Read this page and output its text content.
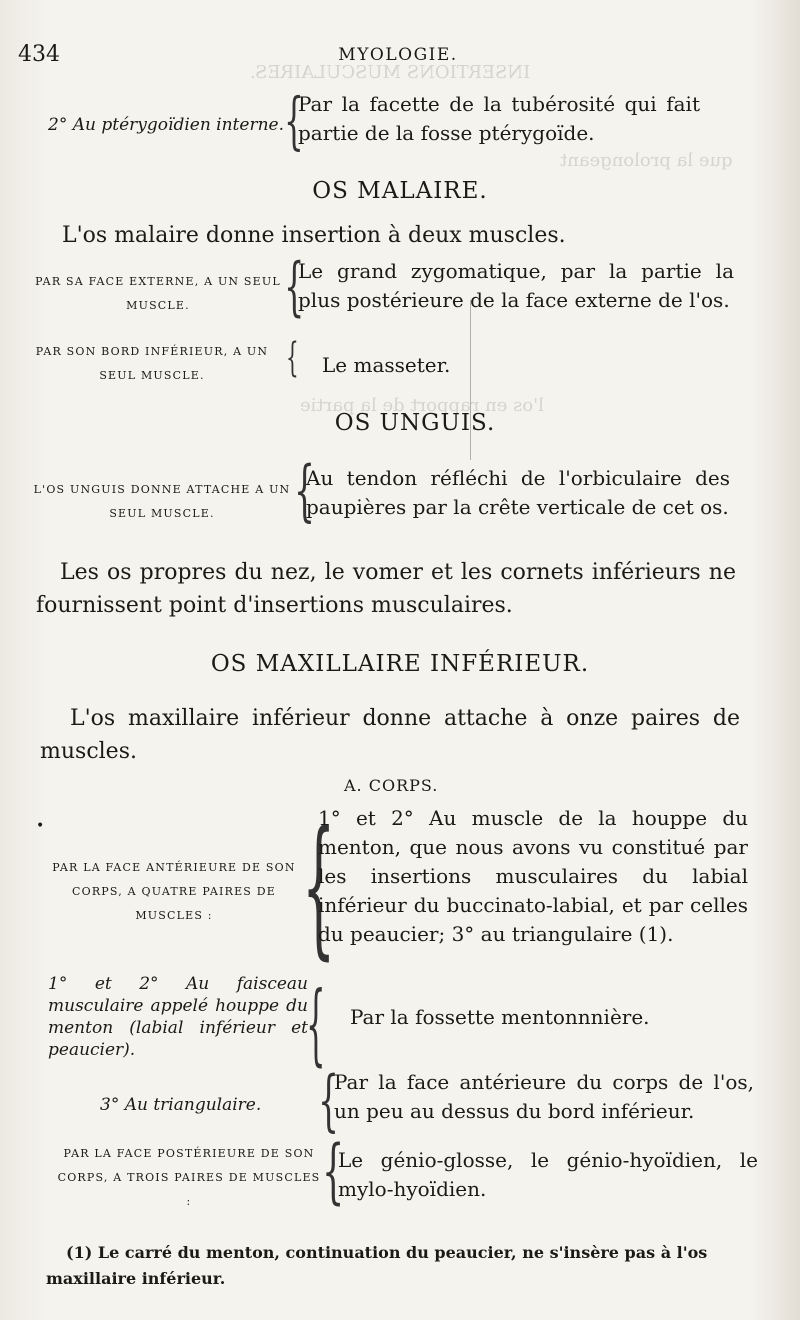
INSERTIONS MUSCULAIRES.
que la prolongeant
l'os en rapport de la partie
434	MYOLOGIE.
2° Au ptérygoïdien interne. {
Par la facette de la tubérosité qui fait partie de la fosse ptérygoïde.
OS MALAIRE.
L'os malaire donne insertion à deux muscles.
PAR SA FACE EXTERNE, A UN SEUL MUSCLE.	{
Le grand zygomatique, par la partie la plus postérieure de la face externe de l'os.
PAR SON BORD INFÉRIEUR, A UN SEUL MUSCLE.	{ Le masseter.
OS UNGUIS.
L'OS UNGUIS DONNE ATTACHE A UN SEUL MUSCLE.	{
Au tendon réfléchi de l'orbiculaire des paupières par la crête verticale de cet os.
Les os propres du nez, le vomer et les cornets inférieurs ne fournissent point d'insertions musculaires.
OS MAXILLAIRE INFÉRIEUR.
L'os maxillaire inférieur donne attache à onze paires de muscles.
A. CORPS.
•
PAR LA FACE ANTÉRIEURE DE SON CORPS, A QUATRE PAIRES DE MUSCLES : {
1° et 2° Au muscle de la houppe du menton, que nous avons vu constitué par les insertions musculaires du labial inférieur du buccinato-labial, et par celles du peaucier; 3° au triangulaire (1).
1° et 2° Au faisceau musculaire appelé houppe du menton (labial inférieur et peaucier).	{ Par la fossette mentonnnière.
3° Au triangulaire. {
Par la face antérieure du corps de l'os, un peu au dessus du bord inférieur.
PAR LA FACE POSTÉRIEURE DE SON CORPS, A TROIS PAIRES DE MUSCLES :	{
Le génio-glosse, le génio-hyoïdien, le mylo-hyoïdien.
(1) Le carré du menton, continuation du peaucier, ne s'insère pas à l'os maxillaire inférieur.
